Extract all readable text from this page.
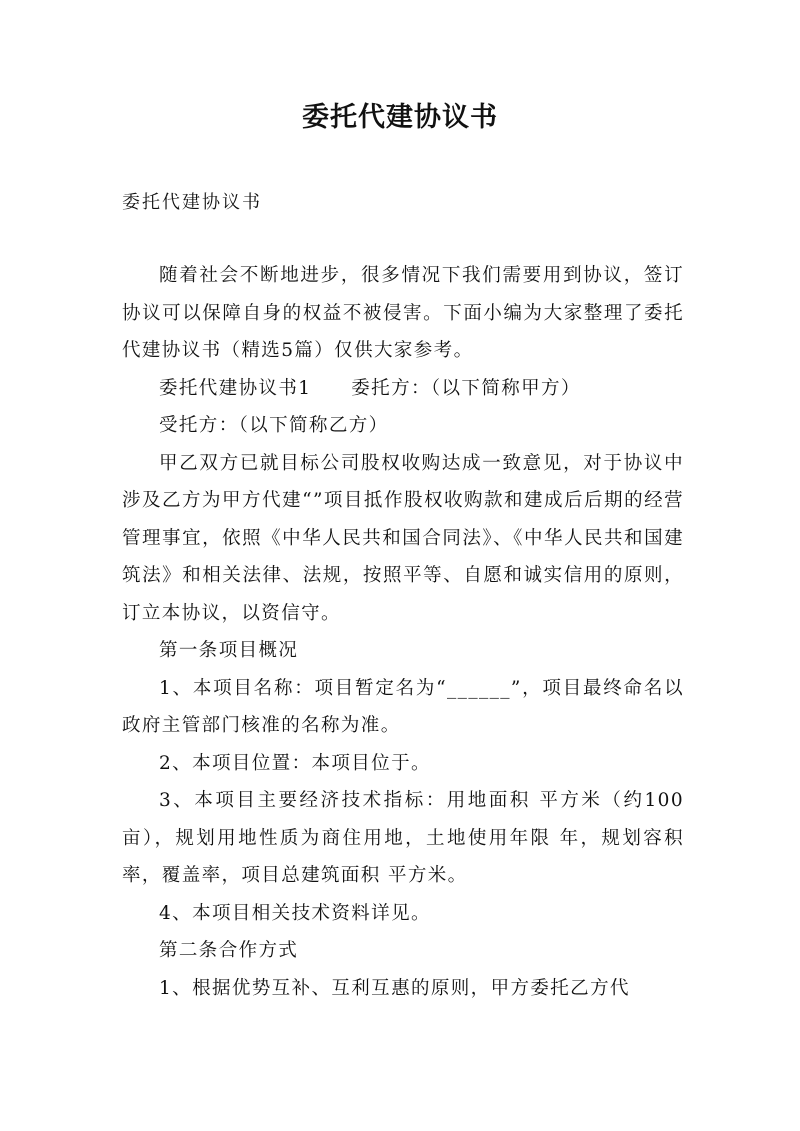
委托代建协议书
委托代建协议书

随着社会不断地进步，很多情况下我们需要用到协议，签订协议可以保障自身的权益不被侵害。下面小编为大家整理了委托代建协议书（精选5篇）仅供大家参考。

委托代建协议书1　　委托方：（以下简称甲方）

受托方：（以下简称乙方）

甲乙双方已就目标公司股权收购达成一致意见，对于协议中涉及乙方为甲方代建“”项目抵作股权收购款和建成后后期的经营管理事宜，依照《中华人民共和国合同法》、《中华人民共和国建筑法》和相关法律、法规，按照平等、自愿和诚实信用的原则，订立本协议，以资信守。

第一条项目概况

1、本项目名称：项目暂定名为“______”，项目最终命名以政府主管部门核准的名称为准。

2、本项目位置：本项目位于。

3、本项目主要经济技术指标：用地面积 平方米（约100亩），规划用地性质为商住用地，土地使用年限 年，规划容积率，覆盖率，项目总建筑面积 平方米。

4、本项目相关技术资料详见。

第二条合作方式

1、根据优势互补、互利互惠的原则，甲方委托乙方代
